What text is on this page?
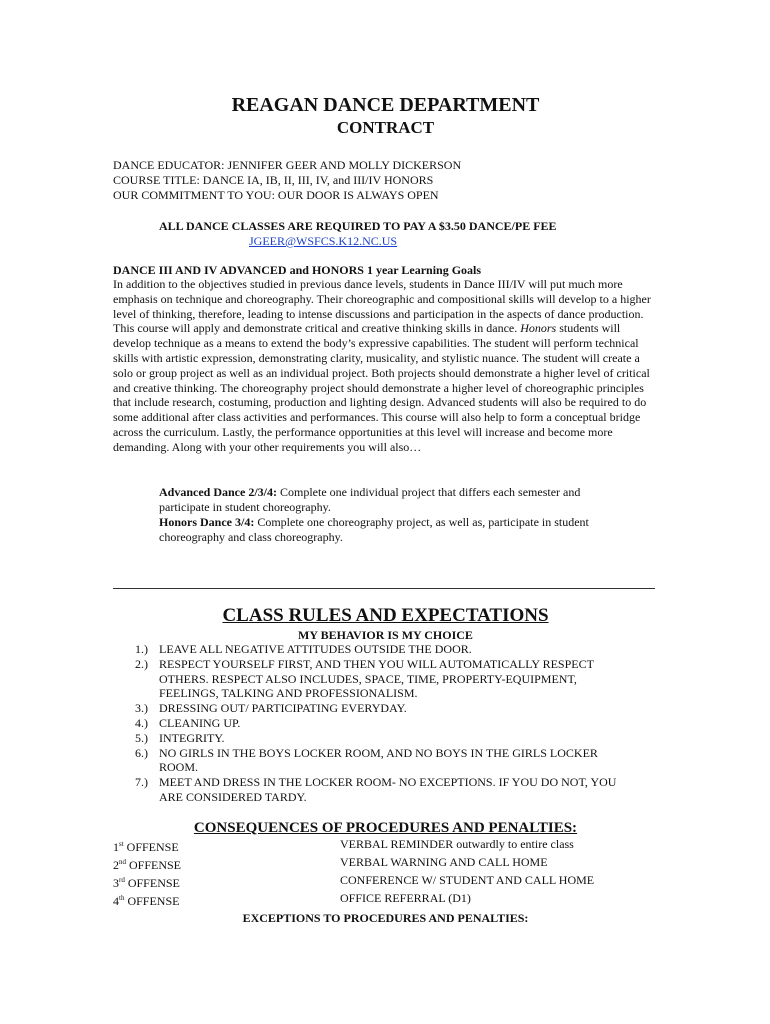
REAGAN DANCE DEPARTMENT
CONTRACT
DANCE EDUCATOR: JENNIFER GEER AND MOLLY DICKERSON
COURSE TITLE: DANCE IA, IB, II, III, IV, and III/IV HONORS
OUR COMMITMENT TO YOU: OUR DOOR IS ALWAYS OPEN
ALL DANCE CLASSES ARE REQUIRED TO PAY A $3.50 DANCE/PE FEE
JGEER@WSFCS.K12.NC.US
DANCE III AND IV ADVANCED and HONORS 1 year Learning Goals

In addition to the objectives studied in previous dance levels, students in Dance III/IV will put much more emphasis on technique and choreography. Their choreographic and compositional skills will develop to a higher level of thinking, therefore, leading to intense discussions and participation in the aspects of dance production. This course will apply and demonstrate critical and creative thinking skills in dance. Honors students will develop technique as a means to extend the body’s expressive capabilities. The student will perform technical skills with artistic expression, demonstrating clarity, musicality, and stylistic nuance. The student will create a solo or group project as well as an individual project. Both projects should demonstrate a higher level of critical and creative thinking. The choreography project should demonstrate a higher level of choreographic principles that include research, costuming, production and lighting design. Advanced students will also be required to do some additional after class activities and performances. This course will also help to form a conceptual bridge across the curriculum. Lastly, the performance opportunities at this level will increase and become more demanding. Along with your other requirements you will also…

Advanced Dance 2/3/4: Complete one individual project that differs each semester and participate in student choreography.

Honors Dance 3/4: Complete one choreography project, as well as, participate in student choreography and class choreography.

CLASS RULES AND EXPECTATIONS
MY BEHAVIOR IS MY CHOICE
1.) LEAVE ALL NEGATIVE ATTITUDES OUTSIDE THE DOOR.
2.) RESPECT YOURSELF FIRST, AND THEN YOU WILL AUTOMATICALLY RESPECT OTHERS. RESPECT ALSO INCLUDES, SPACE, TIME, PROPERTY-EQUIPMENT, FEELINGS, TALKING AND PROFESSIONALISM.
3.) DRESSING OUT/ PARTICIPATING EVERYDAY.
4.) CLEANING UP.
5.) INTEGRITY.
6.) NO GIRLS IN THE BOYS LOCKER ROOM, AND NO BOYS IN THE GIRLS LOCKER ROOM.
7.) MEET AND DRESS IN THE LOCKER ROOM- NO EXCEPTIONS. IF YOU DO NOT, YOU ARE CONSIDERED TARDY.
CONSEQUENCES OF PROCEDURES AND PENALTIES:
1st OFFENSE	VERBAL REMINDER outwardly to entire class
2nd OFFENSE	VERBAL WARNING AND CALL HOME
3rd OFFENSE	CONFERENCE W/ STUDENT AND CALL HOME
4th OFFENSE	OFFICE REFERRAL (D1)
EXCEPTIONS TO PROCEDURES AND PENALTIES:
